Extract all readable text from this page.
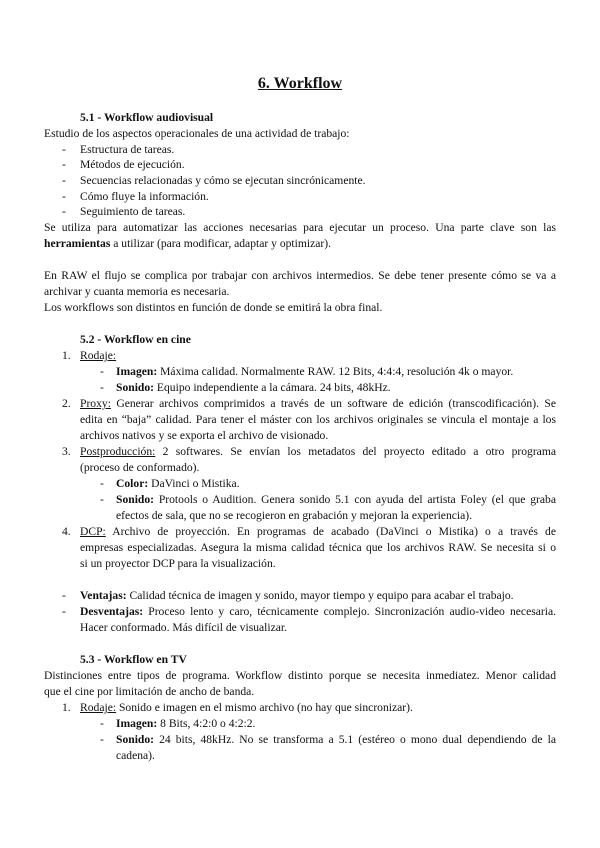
6. Workflow
5.1 - Workflow audiovisual
Estudio de los aspectos operacionales de una actividad de trabajo:
- Estructura de tareas.
- Métodos de ejecución.
- Secuencias relacionadas y cómo se ejecutan sincrónicamente.
- Cómo fluye la información.
- Seguimiento de tareas.
Se utiliza para automatizar las acciones necesarias para ejecutar un proceso. Una parte clave son las
herramientas a utilizar (para modificar, adaptar y optimizar).
En RAW el flujo se complica por trabajar con archivos intermedios. Se debe tener presente cómo se va a
archivar y cuanta memoria es necesaria.
Los workflows son distintos en función de donde se emitirá la obra final.
5.2 - Workflow en cine
1. Rodaje:
- Imagen: Máxima calidad. Normalmente RAW. 12 Bits, 4:4:4, resolución 4k o mayor.
- Sonido: Equipo independiente a la cámara. 24 bits, 48kHz.
2. Proxy: Generar archivos comprimidos a través de un software de edición (transcodificación). Se
edita en “baja” calidad. Para tener el máster con los archivos originales se vincula el montaje a los
archivos nativos y se exporta el archivo de visionado.
3. Postproducción: 2 softwares. Se envían los metadatos del proyecto editado a otro programa
(proceso de conformado).
- Color: DaVinci o Mistika.
- Sonido: Protools o Audition. Genera sonido 5.1 con ayuda del artista Foley (el que graba
efectos de sala, que no se recogieron en grabación y mejoran la experiencia).
4. DCP: Archivo de proyección. En programas de acabado (DaVinci o Mistika) o a través de
empresas especializadas. Asegura la misma calidad técnica que los archivos RAW. Se necesita si o
si un proyector DCP para la visualización.
- Ventajas: Calidad técnica de imagen y sonido, mayor tiempo y equipo para acabar el trabajo.
- Desventajas: Proceso lento y caro, técnicamente complejo. Sincronización audio-video necesaria.
Hacer conformado. Más difícil de visualizar.
5.3 - Workflow en TV
Distinciones entre tipos de programa. Workflow distinto porque se necesita inmediatez. Menor calidad
que el cine por limitación de ancho de banda.
1. Rodaje: Sonido e imagen en el mismo archivo (no hay que sincronizar).
- Imagen: 8 Bits, 4:2:0 o 4:2:2.
- Sonido: 24 bits, 48kHz. No se transforma a 5.1 (estéreo o mono dual dependiendo de la
cadena).
